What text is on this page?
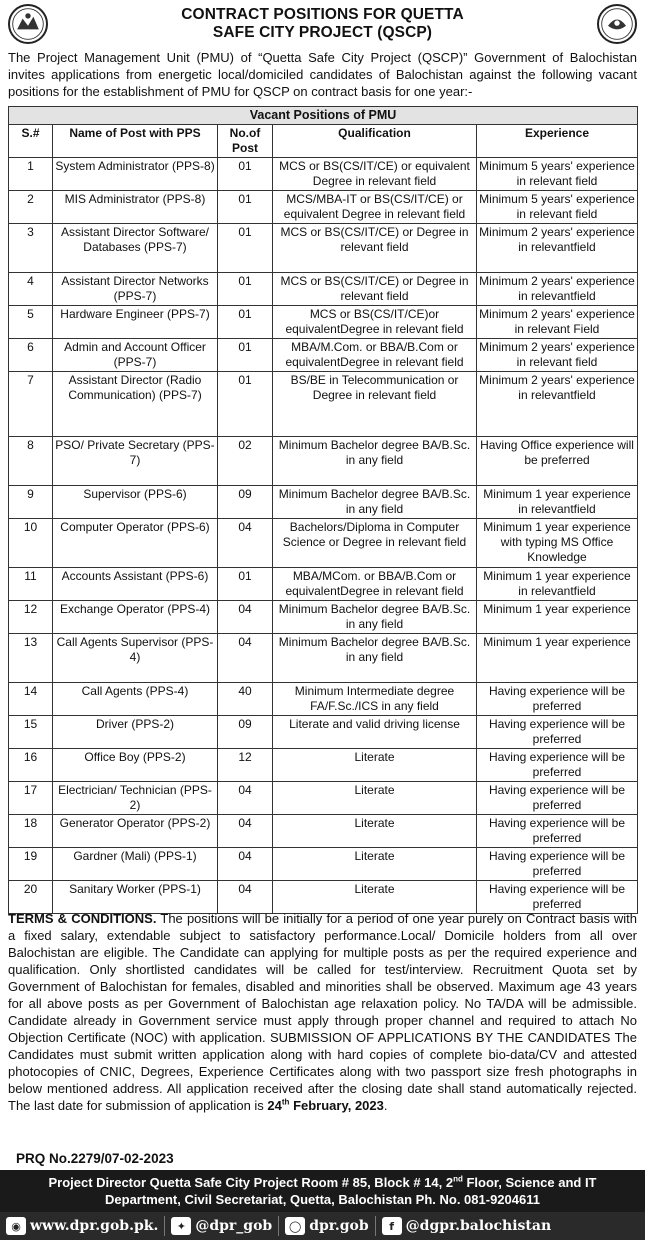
CONTRACT POSITIONS FOR QUETTA
SAFE CITY PROJECT (QSCP)

The Project Management Unit (PMU) of “Quetta Safe City Project (QSCP)” Government of Balochistan invites applications from energetic local/domiciled candidates of Balochistan against the following vacant positions for the establishment of PMU for QSCP on contract basis for one year:-

Vacant Positions of PMU				
S.#	Name of Post with PPS	No.of Post	Qualification	Experience
1	System Administrator (PPS-8)	01	MCS or BS(CS/IT/CE) or equivalent Degree in relevant field	Minimum 5 years' experience in relevant field
2	MIS Administrator (PPS-8)	01	MCS/MBA-IT or BS(CS/IT/CE) or equivalent Degree in relevant field	Minimum 5 years' experience in relevant field
3	Assistant Director Software/ Databases (PPS-7)	01	MCS or BS(CS/IT/CE) or Degree in relevant field	Minimum 2 years' experience in relevantfield
4	Assistant Director Networks (PPS-7)	01	MCS or BS(CS/IT/CE) or Degree in relevant field	Minimum 2 years' experience in relevantfield
5	Hardware Engineer (PPS-7)	01	MCS or BS(CS/IT/CE)or equivalentDegree in relevant field	Minimum 2 years' experience in relevant Field
6	Admin and Account Officer (PPS-7)	01	MBA/M.Com. or BBA/B.Com or equivalentDegree in relevant field	Minimum 2 years' experience in relevant field
7	Assistant Director (Radio Communication) (PPS-7)	01	BS/BE in Telecommunication or Degree in relevant field	Minimum 2 years' experience in relevantfield
8	PSO/ Private Secretary (PPS-7)	02	Minimum Bachelor degree BA/B.Sc. in any field	Having Office experience will be preferred
9	Supervisor (PPS-6)	09	Minimum Bachelor degree BA/B.Sc. in any field	Minimum 1 year experience in relevantfield
10	Computer Operator (PPS-6)	04	Bachelors/Diploma in Computer Science or Degree in relevant field	Minimum 1 year experience with typing MS Office Knowledge
11	Accounts Assistant (PPS-6)	01	MBA/MCom. or BBA/B.Com or equivalentDegree in relevant field	Minimum 1 year experience in relevantfield
12	Exchange Operator (PPS-4)	04	Minimum Bachelor degree BA/B.Sc. in any field	Minimum 1 year experience
13	Call Agents Supervisor (PPS-4)	04	Minimum Bachelor degree BA/B.Sc. in any field	Minimum 1 year experience
14	Call Agents (PPS-4)	40	Minimum Intermediate degree FA/F.Sc./ICS in any field	Having experience will be preferred
15	Driver (PPS-2)	09	Literate and valid driving license	Having experience will be preferred
16	Office Boy (PPS-2)	12	Literate	Having experience will be preferred
17	Electrician/ Technician (PPS-2)	04	Literate	Having experience will be preferred
18	Generator Operator (PPS-2)	04	Literate	Having experience will be preferred
19	Gardner (Mali) (PPS-1)	04	Literate	Having experience will be preferred
20	Sanitary Worker (PPS-1)	04	Literate	Having experience will be preferred

TERMS & CONDITIONS. The positions will be initially for a period of one year purely on Contract basis with a fixed salary, extendable subject to satisfactory performance.Local/ Domicile holders from all over Balochistan are eligible. The Candidate can applying for multiple posts as per the required experience and qualification. Only shortlisted candidates will be called for test/interview. Recruitment Quota set by Government of Balochistan for females, disabled and minorities shall be observed. Maximum age 43 years for all above posts as per Government of Balochistan age relaxation policy. No TA/DA will be admissible. Candidate already in Government service must apply through proper channel and required to attach No Objection Certificate (NOC) with application. SUBMISSION OF APPLICATIONS BY THE CANDIDATES The Candidates must submit written application along with hard copies of complete bio-data/CV and attested photocopies of CNIC, Degrees, Experience Certificates along with two passport size fresh photographs in below mentioned address. All application received after the closing date shall stand automatically rejected. The last date for submission of application is 24th February, 2023.

PRQ No.2279/07-02-2023
Project Director Quetta Safe City Project Room # 85, Block # 14, 2nd Floor, Science and IT
Department, Civil Secretariat, Quetta, Balochistan Ph. No. 081-9204611
◉ www.dpr.gob.pk.	✦ @dpr_gob	◯ dpr.gob	f @dgpr.balochistan
